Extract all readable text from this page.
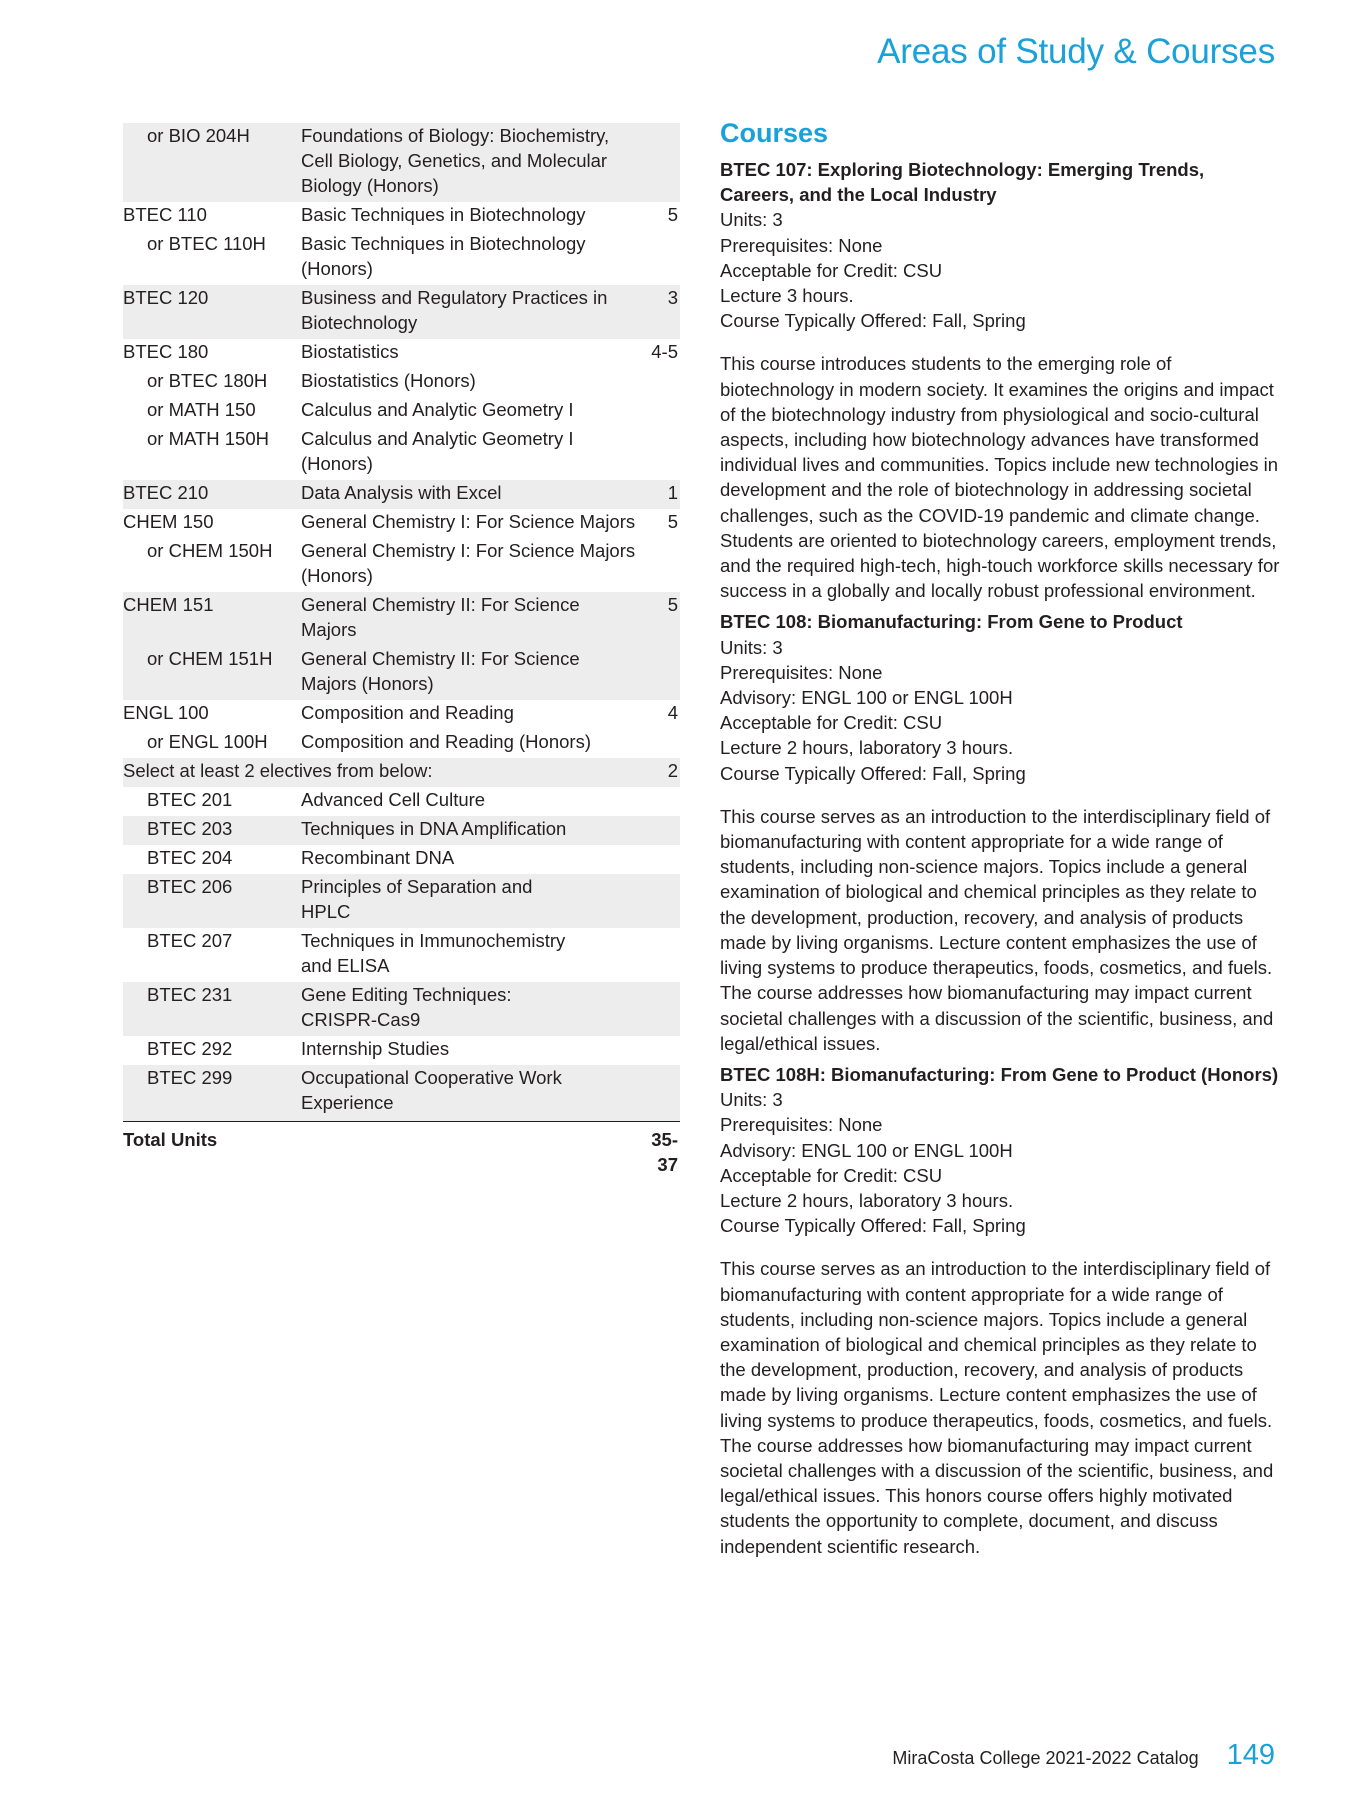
Areas of Study & Courses
or BIO 204H	Foundations of Biology: Biochemistry, Cell Biology, Genetics, and Molecular Biology (Honors)	
BTEC 110	Basic Techniques in Biotechnology	5
or BTEC 110H	Basic Techniques in Biotechnology (Honors)	
BTEC 120	Business and Regulatory Practices in Biotechnology	3
BTEC 180	Biostatistics	4-5
or BTEC 180H	Biostatistics (Honors)	
or MATH 150	Calculus and Analytic Geometry I	
or MATH 150H	Calculus and Analytic Geometry I (Honors)	
BTEC 210	Data Analysis with Excel	1
CHEM 150	General Chemistry I: For Science Majors	5
or CHEM 150H	General Chemistry I: For Science Majors (Honors)	
CHEM 151	General Chemistry II: For Science Majors	5
or CHEM 151H	General Chemistry II: For Science Majors (Honors)	
ENGL 100	Composition and Reading	4
or ENGL 100H	Composition and Reading (Honors)	
Select at least 2 electives from below:		2
BTEC 201	Advanced Cell Culture	
BTEC 203	Techniques in DNA Amplification	
BTEC 204	Recombinant DNA	
BTEC 206	Principles of Separation and HPLC	
BTEC 207	Techniques in Immunochemistry and ELISA	
BTEC 231	Gene Editing Techniques: CRISPR-Cas9	
BTEC 292	Internship Studies	
BTEC 299	Occupational Cooperative Work Experience	
Total Units		35-37
Courses
BTEC 107: Exploring Biotechnology: Emerging Trends, Careers, and the Local Industry
Units: 3
Prerequisites: None
Acceptable for Credit: CSU
Lecture 3 hours.
Course Typically Offered: Fall, Spring
This course introduces students to the emerging role of biotechnology in modern society. It examines the origins and impact of the biotechnology industry from physiological and socio-cultural aspects, including how biotechnology advances have transformed individual lives and communities. Topics include new technologies in development and the role of biotechnology in addressing societal challenges, such as the COVID-19 pandemic and climate change. Students are oriented to biotechnology careers, employment trends, and the required high-tech, high-touch workforce skills necessary for success in a globally and locally robust professional environment.
BTEC 108: Biomanufacturing: From Gene to Product
Units: 3
Prerequisites: None
Advisory: ENGL 100 or ENGL 100H
Acceptable for Credit: CSU
Lecture 2 hours, laboratory 3 hours.
Course Typically Offered: Fall, Spring
This course serves as an introduction to the interdisciplinary field of biomanufacturing with content appropriate for a wide range of students, including non-science majors. Topics include a general examination of biological and chemical principles as they relate to the development, production, recovery, and analysis of products made by living organisms. Lecture content emphasizes the use of living systems to produce therapeutics, foods, cosmetics, and fuels. The course addresses how biomanufacturing may impact current societal challenges with a discussion of the scientific, business, and legal/ethical issues.
BTEC 108H: Biomanufacturing: From Gene to Product (Honors)
Units: 3
Prerequisites: None
Advisory: ENGL 100 or ENGL 100H
Acceptable for Credit: CSU
Lecture 2 hours, laboratory 3 hours.
Course Typically Offered: Fall, Spring
This course serves as an introduction to the interdisciplinary field of biomanufacturing with content appropriate for a wide range of students, including non-science majors. Topics include a general examination of biological and chemical principles as they relate to the development, production, recovery, and analysis of products made by living organisms. Lecture content emphasizes the use of living systems to produce therapeutics, foods, cosmetics, and fuels. The course addresses how biomanufacturing may impact current societal challenges with a discussion of the scientific, business, and legal/ethical issues. This honors course offers highly motivated students the opportunity to complete, document, and discuss independent scientific research.
MiraCosta College 2021-2022 Catalog 149
